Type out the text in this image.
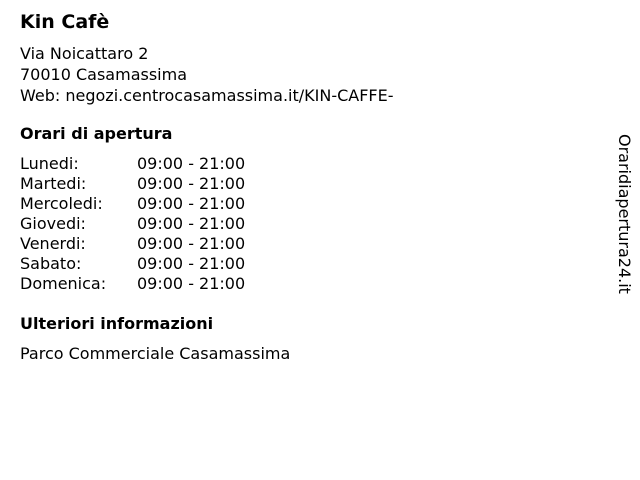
Kin Cafè
Via Noicattaro 2
70010 Casamassima
Web: negozi.centrocasamassima.it/KIN-CAFFE-
Orari di apertura
Lunedi:	09:00 - 21:00
Martedi:	09:00 - 21:00
Mercoledi:	09:00 - 21:00
Giovedi:	09:00 - 21:00
Venerdi:	09:00 - 21:00
Sabato:	09:00 - 21:00
Domenica:	09:00 - 21:00
Ulteriori informazioni
Parco Commerciale Casamassima
Oraridiapertura24.it
